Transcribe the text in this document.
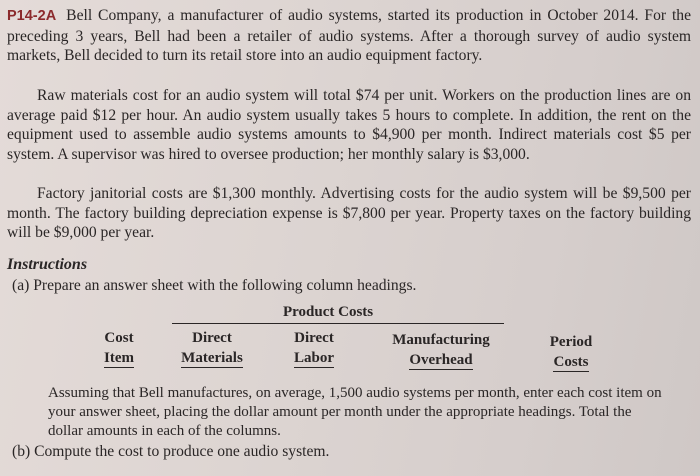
P14-2A Bell Company, a manufacturer of audio systems, started its production in October 2014. For the preceding 3 years, Bell had been a retailer of audio systems. After a thorough survey of audio system markets, Bell decided to turn its retail store into an audio equipment factory.

Raw materials cost for an audio system will total $74 per unit. Workers on the production lines are on average paid $12 per hour. An audio system usually takes 5 hours to complete. In addition, the rent on the equipment used to assemble audio systems amounts to $4,900 per month. Indirect materials cost $5 per system. A supervisor was hired to oversee production; her monthly salary is $3,000.

Factory janitorial costs are $1,300 monthly. Advertising costs for the audio system will be $9,500 per month. The factory building depreciation expense is $7,800 per year. Property taxes on the factory building will be $9,000 per year.

Instructions

(a) Prepare an answer sheet with the following column headings.

Product Costs
Cost
Item
Direct
Materials
Direct
Labor
Manufacturing
Overhead
Period
Costs

Assuming that Bell manufactures, on average, 1,500 audio systems per month, enter each cost item on your answer sheet, placing the dollar amount per month under the appropriate headings. Total the dollar amounts in each of the columns.

(b) Compute the cost to produce one audio system.
